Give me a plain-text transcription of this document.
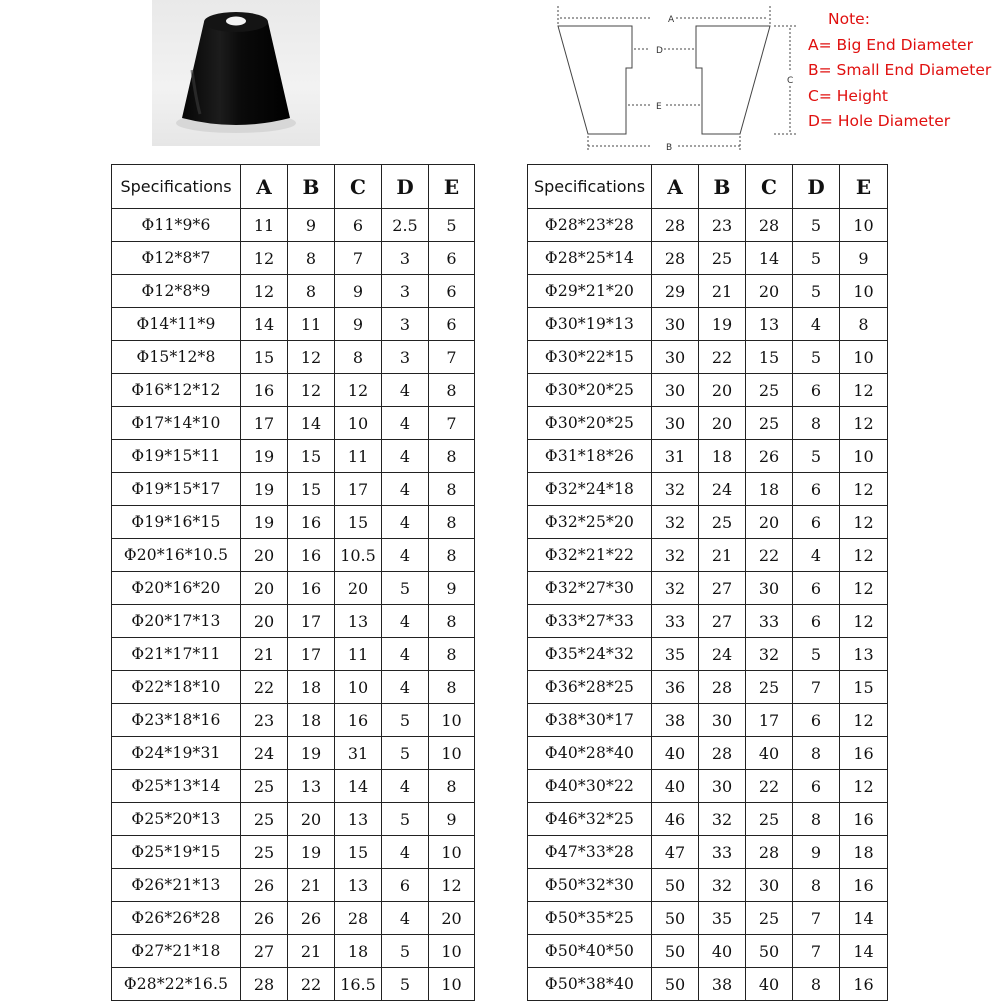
A
D
E
B
C
Note:
A= Big End Diameter
B= Small End Diameter
C= Height
D= Hole Diameter
Specifications	A	B	C	D	E
Φ11*9*6	11	9	6	2.5	5
Φ12*8*7	12	8	7	3	6
Φ12*8*9	12	8	9	3	6
Φ14*11*9	14	11	9	3	6
Φ15*12*8	15	12	8	3	7
Φ16*12*12	16	12	12	4	8
Φ17*14*10	17	14	10	4	7
Φ19*15*11	19	15	11	4	8
Φ19*15*17	19	15	17	4	8
Φ19*16*15	19	16	15	4	8
Φ20*16*10.5	20	16	10.5	4	8
Φ20*16*20	20	16	20	5	9
Φ20*17*13	20	17	13	4	8
Φ21*17*11	21	17	11	4	8
Φ22*18*10	22	18	10	4	8
Φ23*18*16	23	18	16	5	10
Φ24*19*31	24	19	31	5	10
Φ25*13*14	25	13	14	4	8
Φ25*20*13	25	20	13	5	9
Φ25*19*15	25	19	15	4	10
Φ26*21*13	26	21	13	6	12
Φ26*26*28	26	26	28	4	20
Φ27*21*18	27	21	18	5	10
Φ28*22*16.5	28	22	16.5	5	10
Specifications	A	B	C	D	E
Φ28*23*28	28	23	28	5	10
Φ28*25*14	28	25	14	5	9
Φ29*21*20	29	21	20	5	10
Φ30*19*13	30	19	13	4	8
Φ30*22*15	30	22	15	5	10
Φ30*20*25	30	20	25	6	12
Φ30*20*25	30	20	25	8	12
Φ31*18*26	31	18	26	5	10
Φ32*24*18	32	24	18	6	12
Φ32*25*20	32	25	20	6	12
Φ32*21*22	32	21	22	4	12
Φ32*27*30	32	27	30	6	12
Φ33*27*33	33	27	33	6	12
Φ35*24*32	35	24	32	5	13
Φ36*28*25	36	28	25	7	15
Φ38*30*17	38	30	17	6	12
Φ40*28*40	40	28	40	8	16
Φ40*30*22	40	30	22	6	12
Φ46*32*25	46	32	25	8	16
Φ47*33*28	47	33	28	9	18
Φ50*32*30	50	32	30	8	16
Φ50*35*25	50	35	25	7	14
Φ50*40*50	50	40	50	7	14
Φ50*38*40	50	38	40	8	16
